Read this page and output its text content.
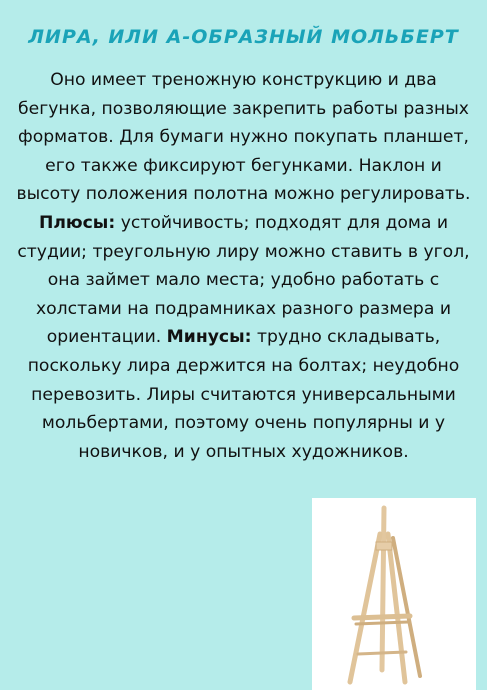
ЛИРА, ИЛИ А-ОБРАЗНЫЙ МОЛЬБЕРТ
Оно имеет треножную конструкцию и два бегунка, позволяющие закрепить работы разных форматов. Для бумаги нужно покупать планшет, его также фиксируют бегунками. Наклон и высоту положения полотна можно регулировать.
Плюсы: устойчивость; подходят для дома и студии; треугольную лиру можно ставить в угол, она займет мало места; удобно работать с холстами на подрамниках разного размера и ориентации. Минусы: трудно складывать, поскольку лира держится на болтах; неудобно перевозить. Лиры считаются универсальными мольбертами, поэтому очень популярны и у новичков, и у опытных художников.
